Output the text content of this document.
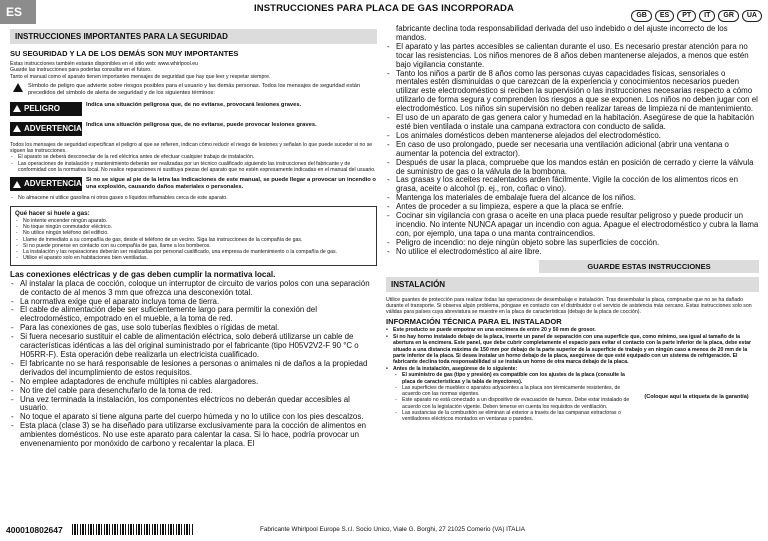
ES	INSTRUCCIONES PARA PLACA DE GAS INCORPORADA
GB	ES	PT	IT	GR	UA
INSTRUCCIONES IMPORTANTES PARA LA SEGURIDAD
SU SEGURIDAD Y LA DE LOS DEMÁS SON MUY IMPORTANTES

Estas instrucciones también estarán disponibles en el sitio web: www.whirlpool.eu

Guarde las instrucciones para poderlas consultar en el futuro.

Tanto el manual como el aparato tienen importantes mensajes de seguridad que hay que leer y respetar siempre.

Símbolo de peligro que advierte sobre riesgos posibles para el usuario y las demás personas. Todos los mensajes de seguridad están precedidos del símbolo de alerta de seguridad y de los siguientes términos:

PELIGRO	Indica una situación peligrosa que, de no evitarse, provocará lesiones graves.
ADVERTENCIA Indica una situación peligrosa que, de no evitarse, puede provocar lesiones graves.

Todos los mensajes de seguridad especifican el peligro al que se refieren, indican cómo reducir el riesgo de lesiones y señalan lo que puede suceder si no se siguen las instrucciones.

- El aparato se deberá desconectar de la red eléctrica antes de efectuar cualquier trabajo de instalación.
- Las operaciones de instalación y mantenimiento deberán ser realizadas por un técnico cualificado siguiendo las instrucciones del fabricante y de conformidad con la normativa local. No realice reparaciones ni sustituya piezas del aparato que no estén expresamente indicadas en el manual del usuario.
ADVERTENCIA Si no se sigue al pie de la letra las indicaciones de este manual, se puede llegar a provocar un incendio o una explosión, causando daños materiales o personales.
- No almacene ni utilice gasolina ni otros gases o líquidos inflamables cerca de este aparato.
Qué hacer si huele a gas:
- No intente encender ningún aparato.
- No toque ningún conmutador eléctrico.
- No utilice ningún teléfono del edificio.
- Llame de inmediato a su compañía de gas, desde el teléfono de un vecino. Siga las instrucciones de la compañía de gas.
- Si no puede ponerse en contacto con su compañía de gas, llame a los bomberos.
- La instalación y las reparaciones deberán ser realizadas por personal cualificado, una empresa de mantenimiento o la compañía de gas.
- Utilice el aparato solo en habitaciones bien ventiladas.
Las conexiones eléctricas y de gas deben cumplir la normativa local.
- Al instalar la placa de cocción, coloque un interruptor de circuito de varios polos con una separación de contacto de al menos 3 mm que ofrezca una desconexión total.
- La normativa exige que el aparato incluya toma de tierra.
- El cable de alimentación debe ser suficientemente largo para permitir la conexión del electrodoméstico, empotrado en el mueble, a la toma de red.
- Para las conexiones de gas, use solo tuberías flexibles o rígidas de metal.
- Si fuera necesario sustituir el cable de alimentación eléctrica, solo deberá utilizarse un cable de características idénticas a las del original suministrado por el fabricante (tipo H05V2V2-F 90 °C o H05RR-F). Esta operación debe realizarla un electricista cualificado.
- El fabricante no se hará responsable de lesiones a personas o animales ni de daños a la propiedad derivados del incumplimiento de estos requisitos.
- No emplee adaptadores de enchufe múltiples ni cables alargadores.
- No tire del cable para desenchufarlo de la toma de red.
- Una vez terminada la instalación, los componentes eléctricos no deberán quedar accesibles al usuario.
- No toque el aparato si tiene alguna parte del cuerpo húmeda y no lo utilice con los pies descalzos.
- Esta placa (clase 3) se ha diseñado para utilizarse exclusivamente para la cocción de alimentos en ambientes domésticos. No use este aparato para calentar la casa. Si lo hace, podría provocar un envenenamiento por monóxido de carbono y recalentar la placa. El

fabricante declina toda responsabilidad derivada del uso indebido o del ajuste incorrecto de los mandos.

- El aparato y las partes accesibles se calientan durante el uso. Es necesario prestar atención para no tocar las resistencias. Los niños menores de 8 años deben mantenerse alejados, a menos que estén bajo vigilancia constante.
- Tanto los niños a partir de 8 años como las personas cuyas capacidades físicas, sensoriales o mentales estén disminuidas o que carezcan de la experiencia y conocimientos necesarios pueden utilizar este electrodoméstico si reciben la supervisión o las instrucciones necesarias respecto a cómo utilizarlo de forma segura y comprenden los riesgos a que se exponen. Los niños no deben jugar con el electrodoméstico. Los niños sin supervisión no deben realizar tareas de limpieza ni de mantenimiento.
- El uso de un aparato de gas genera calor y humedad en la habitación. Asegúrese de que la habitación esté bien ventilada o instale una campana extractora con conducto de salida.
- Los animales domésticos deben mantenerse alejados del electrodoméstico.
- En caso de uso prolongado, puede ser necesaria una ventilación adicional (abrir una ventana o aumentar la potencia del extractor).
- Después de usar la placa, compruebe que los mandos están en posición de cerrado y cierre la válvula de suministro de gas o la válvula de la bombona.
- Las grasas y los aceites recalentados arden fácilmente. Vigile la cocción de los alimentos ricos en grasa, aceite o alcohol (p. ej., ron, coñac o vino).
- Mantenga los materiales de embalaje fuera del alcance de los niños.
- Antes de proceder a su limpieza, espere a que la placa se enfríe.
- Cocinar sin vigilancia con grasa o aceite en una placa puede resultar peligroso y puede producir un incendio. No intente NUNCA apagar un incendio con agua. Apague el electrodoméstico y cubra la llama con, por ejemplo, una tapa o una manta contraincendios.
- Peligro de incendio: no deje ningún objeto sobre las superficies de cocción.
- No utilice el electrodoméstico al aire libre.
GUARDE ESTAS INSTRUCCIONES
INSTALACIÓN

Utilice guantes de protección para realizar todas las operaciones de desembalaje e instalación. Tras desembalar la placa, compruebe que no se ha dañado durante el transporte. Si observa algún problema, póngase en contacto con el distribuidor o el servicio de asistencia más cercano. Estas instrucciones solo son válidas para países cuya abreviatura se muestre en la placa de características (debajo de la placa de cocción).

INFORMACIÓN TÉCNICA PARA EL INSTALADOR
• Este producto se puede empotrar en una encimera de entre 20 y 50 mm de grosor.
• Si no hay horno instalado debajo de la placa, inserte un panel de separación con una superficie que, como mínimo, sea igual al tamaño de la abertura en la encimera. Este panel, que debe cubrir completamente el espacio para evitar el contacto con la parte inferior de la placa, debe estar situado a una distancia máxima de 150 mm por debajo de la parte superior de la superficie de trabajo y en ningún caso a menos de 20 mm de la parte inferior de la placa. Si desea instalar un horno debajo de la placa, asegúrese de que esté equipado con un sistema de refrigeración. El fabricante declina toda responsabilidad si se instala un horno de otra marca debajo de la placa.
• Antes de la instalación, asegúrese de lo siguiente:
- El suministro de gas (tipo y presión) es compatible con los ajustes de la placa (consulte la placa de características y la tabla de inyectores).
- Las superficies de muebles o aparatos adyacentes a la placa son térmicamente resistentes, de acuerdo con las normas vigentes.
- Este aparato no está conectado a un dispositivo de evacuación de humos. Debe estar instalado de acuerdo con la legislación vigente. Deben tenerse en cuenta los requisitos de ventilación.
- Las sustancias de la combustión se eliminan al exterior a través de las campanas extractoras o ventiladores eléctricos montados en ventanas o paredes.
(Coloque aquí la etiqueta de la garantía)
400010802647	Fabricante Whirlpool Europe S.r.l. Socio Unico, Viale G. Borghi, 27 21025 Comerio (VA) ITALIA
